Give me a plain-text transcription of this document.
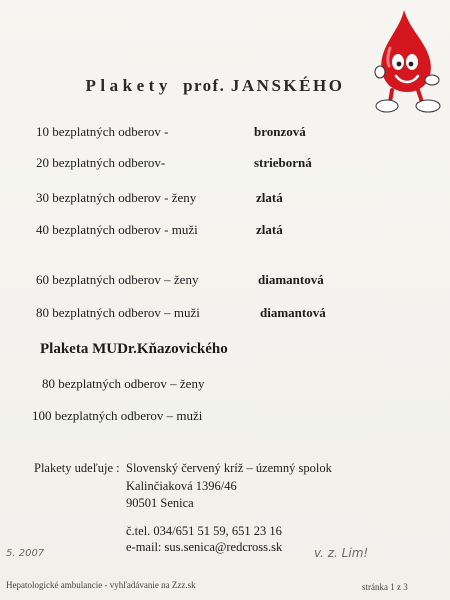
Plakety prof. JANSKÉHO
10 bezplatných odberov -	bronzová
20 bezplatných odberov-	strieborná
30 bezplatných odberov - ženy	zlatá
40 bezplatných odberov - muži	zlatá
60 bezplatných odberov – ženy	diamantová
80 bezplatných odberov – muži	diamantová
Plaketa MUDr.Kňazovického
80 bezplatných odberov – ženy
100 bezplatných odberov – muži
Plakety udeľuje : Slovenský červený kríž – územný spolok
Kalinčiaková 1396/46
90501 Senica
č.tel. 034/651 51 59, 651 23 16
e-mail: sus.senica@redcross.sk
5. 2007	v. z. Lim!
Hepatologické ambulancie - vyhľadávanie na Zzz.sk	stránka 1 z 3
